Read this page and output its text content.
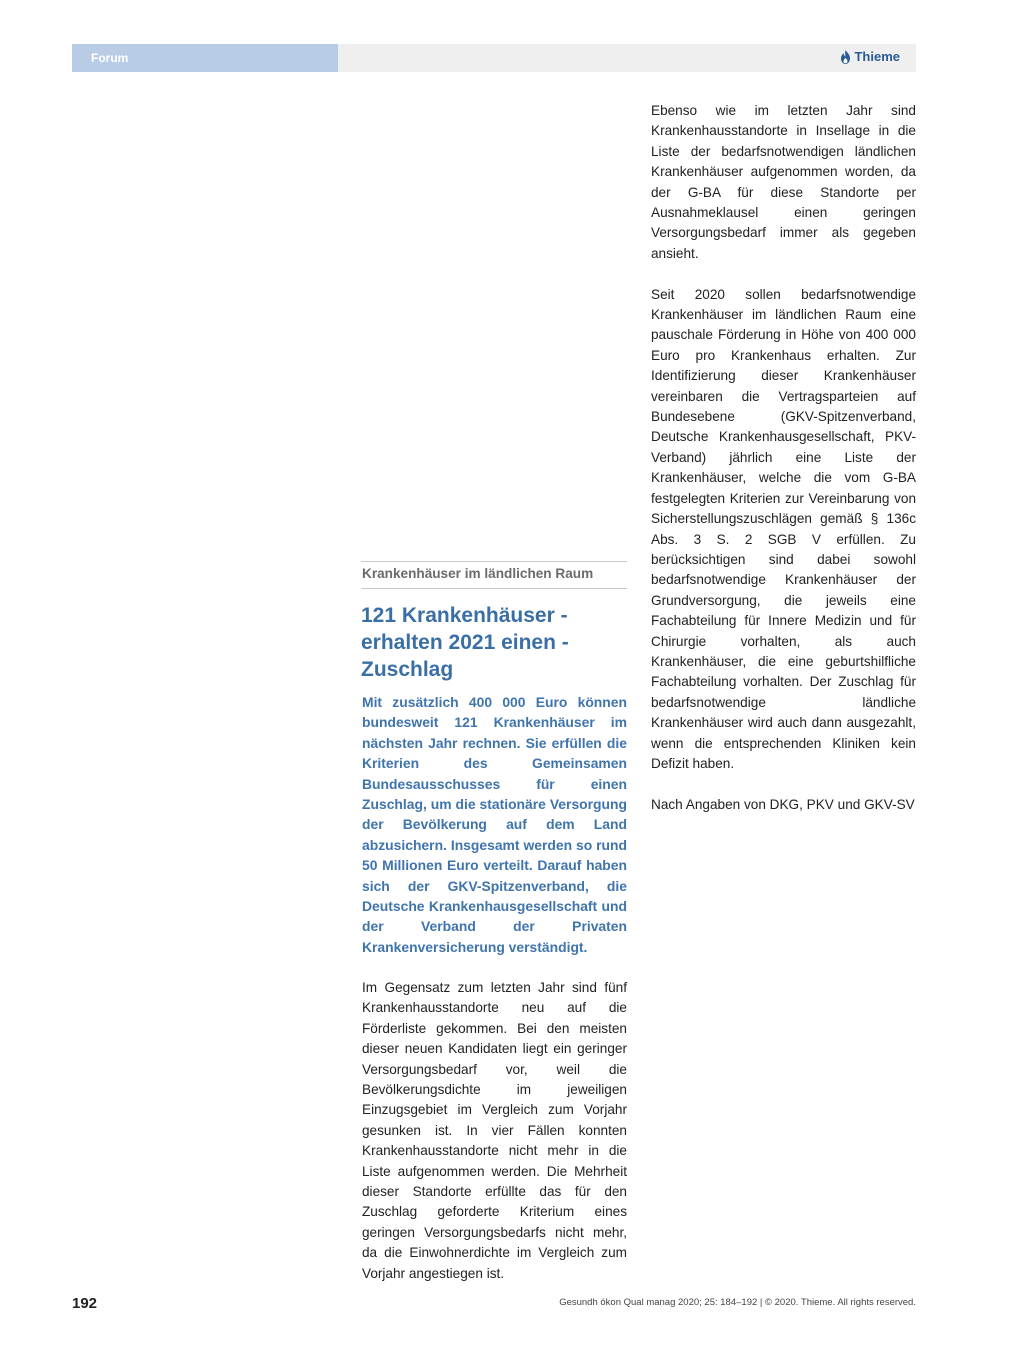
Forum	Thieme

Ebenso wie im letzten Jahr sind Krankenhausstandorte in Insellage in die Liste der bedarfsnotwendigen ländlichen Krankenhäuser aufgenommen worden, da der G-BA für diese Standorte per Ausnahmeklausel einen geringen Versorgungsbedarf immer als gegeben ansieht.

Seit 2020 sollen bedarfsnotwendige Krankenhäuser im ländlichen Raum eine pauschale Förderung in Höhe von 400 000 Euro pro Krankenhaus erhalten. Zur Identifizierung dieser Krankenhäuser vereinbaren die Vertragsparteien auf Bundesebene (GKV-Spitzenverband, Deutsche Krankenhausgesellschaft, PKV-Verband) jährlich eine Liste der Krankenhäuser, welche die vom G-BA festgelegten Kriterien zur Vereinbarung von Sicherstellungszuschlägen gemäß § 136c Abs. 3 S. 2 SGB V erfüllen. Zu berücksichtigen sind dabei sowohl bedarfsnotwendige Krankenhäuser der Grundversorgung, die jeweils eine Fachabteilung für Innere Medizin und für Chirurgie vorhalten, als auch Krankenhäuser, die eine geburtshilfliche Fachabteilung vorhalten. Der Zuschlag für bedarfsnotwendige ländliche Krankenhäuser wird auch dann ausgezahlt, wenn die entsprechenden Kliniken kein Defizit haben.

Nach Angaben von DKG, PKV und GKV-SV

Krankenhäuser im ländlichen Raum
121 Krankenhäuser -
erhalten 2021 einen -
Zuschlag

Mit zusätzlich 400 000 Euro können bundesweit 121 Krankenhäuser im nächsten Jahr rechnen. Sie erfüllen die Kriterien des Gemeinsamen Bundesausschusses für einen Zuschlag, um die stationäre Versorgung der Bevölkerung auf dem Land abzusichern. Insgesamt werden so rund 50 Millionen Euro verteilt. Darauf haben sich der GKV-Spitzenverband, die Deutsche Krankenhausgesellschaft und der Verband der Privaten Krankenversicherung verständigt.

Im Gegensatz zum letzten Jahr sind fünf Krankenhausstandorte neu auf die Förderliste gekommen. Bei den meisten dieser neuen Kandidaten liegt ein geringer Versorgungsbedarf vor, weil die Bevölkerungsdichte im jeweiligen Einzugsgebiet im Vergleich zum Vorjahr gesunken ist. In vier Fällen konnten Krankenhausstandorte nicht mehr in die Liste aufgenommen werden. Die Mehrheit dieser Standorte erfüllte das für den Zuschlag geforderte Kriterium eines geringen Versorgungsbedarfs nicht mehr, da die Einwohnerdichte im Vergleich zum Vorjahr angestiegen ist.

192	Gesundh ökon Qual manag 2020; 25: 184–192 | © 2020. Thieme. All rights reserved.
